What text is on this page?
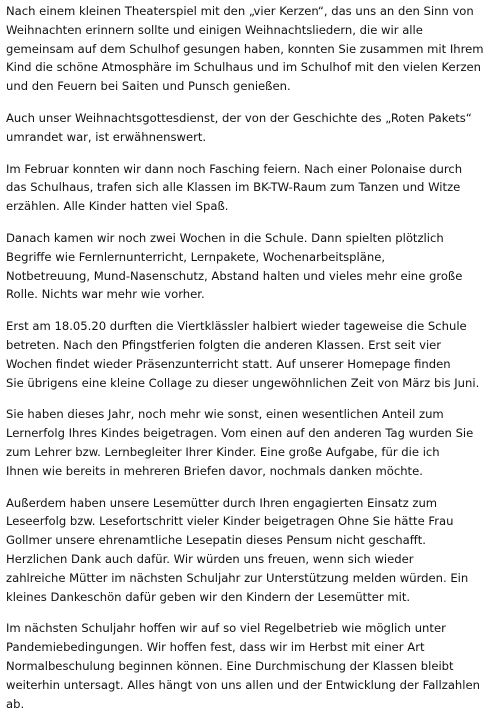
Nach einem kleinen Theaterspiel mit den „vier Kerzen“, das uns an den Sinn von
Weihnachten erinnern sollte und einigen Weihnachtsliedern, die wir alle
gemeinsam auf dem Schulhof gesungen haben, konnten Sie zusammen mit Ihrem
Kind die schöne Atmosphäre im Schulhaus und im Schulhof mit den vielen Kerzen
und den Feuern bei Saiten und Punsch genießen.

Auch unser Weihnachtsgottesdienst, der von der Geschichte des „Roten Pakets“
umrandet war, ist erwähnenswert.

Im Februar konnten wir dann noch Fasching feiern. Nach einer Polonaise durch
das Schulhaus, trafen sich alle Klassen im BK-TW-Raum zum Tanzen und Witze
erzählen. Alle Kinder hatten viel Spaß.

Danach kamen wir noch zwei Wochen in die Schule. Dann spielten plötzlich
Begriffe wie Fernlernunterricht, Lernpakete, Wochenarbeitspläne,
Notbetreuung, Mund-Nasenschutz, Abstand halten und vieles mehr eine große
Rolle. Nichts war mehr wie vorher.

Erst am 18.05.20 durften die Viertklässler halbiert wieder tageweise die Schule
betreten. Nach den Pfingstferien folgten die anderen Klassen. Erst seit vier
Wochen findet wieder Präsenzunterricht statt. Auf unserer Homepage finden
Sie übrigens eine kleine Collage zu dieser ungewöhnlichen Zeit von März bis Juni.

Sie haben dieses Jahr, noch mehr wie sonst, einen wesentlichen Anteil zum
Lernerfolg Ihres Kindes beigetragen. Vom einen auf den anderen Tag wurden Sie
zum Lehrer bzw. Lernbegleiter Ihrer Kinder. Eine große Aufgabe, für die ich
Ihnen wie bereits in mehreren Briefen davor, nochmals danken möchte.

Außerdem haben unsere Lesemütter durch Ihren engagierten Einsatz zum
Leseerfolg bzw. Lesefortschritt vieler Kinder beigetragen Ohne Sie hätte Frau
Gollmer unsere ehrenamtliche Lesepatin dieses Pensum nicht geschafft.
Herzlichen Dank auch dafür. Wir würden uns freuen, wenn sich wieder
zahlreiche Mütter im nächsten Schuljahr zur Unterstützung melden würden. Ein
kleines Dankeschön dafür geben wir den Kindern der Lesemütter mit.

Im nächsten Schuljahr hoffen wir auf so viel Regelbetrieb wie möglich unter
Pandemiebedingungen. Wir hoffen fest, dass wir im Herbst mit einer Art
Normalbeschulung beginnen können. Eine Durchmischung der Klassen bleibt
weiterhin untersagt. Alles hängt von uns allen und der Entwicklung der Fallzahlen
ab.
